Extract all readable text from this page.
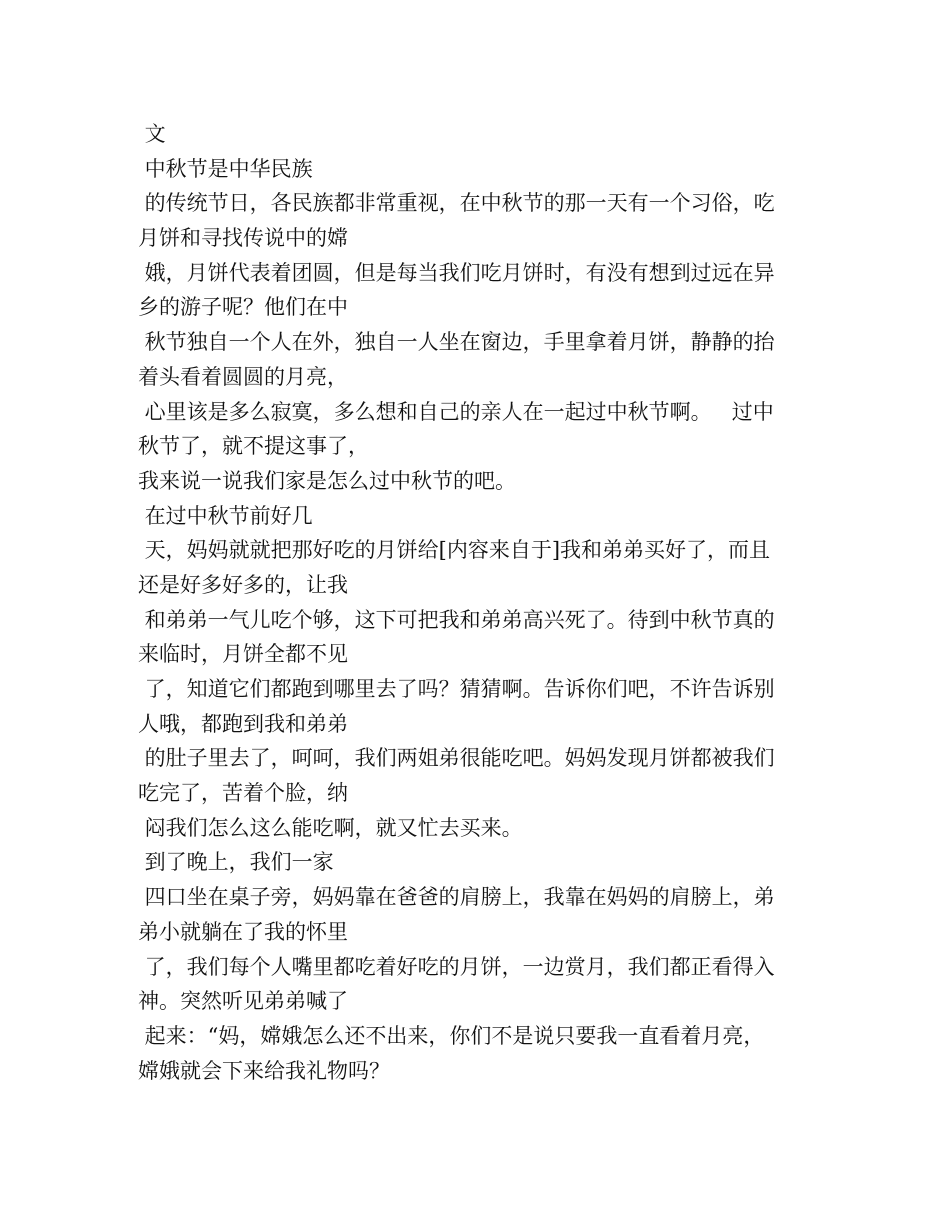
文
中秋节是中华民族
的传统节日，各民族都非常重视，在中秋节的那一天有一个习俗，吃
月饼和寻找传说中的嫦
娥，月饼代表着团圆，但是每当我们吃月饼时，有没有想到过远在异
乡的游子呢？他们在中
秋节独自一个人在外，独自一人坐在窗边，手里拿着月饼，静静的抬
着头看着圆圆的月亮，
心里该是多么寂寞，多么想和自己的亲人在一起过中秋节啊。   过中
秋节了，就不提这事了，
我来说一说我们家是怎么过中秋节的吧。
在过中秋节前好几
天，妈妈就就把那好吃的月饼给[内容来自于]我和弟弟买好了，而且
还是好多好多的，让我
和弟弟一气儿吃个够，这下可把我和弟弟高兴死了。待到中秋节真的
来临时，月饼全都不见
了，知道它们都跑到哪里去了吗？猜猜啊。告诉你们吧，不许告诉别
人哦，都跑到我和弟弟
的肚子里去了，呵呵，我们两姐弟很能吃吧。妈妈发现月饼都被我们
吃完了，苦着个脸，纳
闷我们怎么这么能吃啊，就又忙去买来。
到了晚上，我们一家
四口坐在桌子旁，妈妈靠在爸爸的肩膀上，我靠在妈妈的肩膀上，弟
弟小就躺在了我的怀里
了，我们每个人嘴里都吃着好吃的月饼，一边赏月，我们都正看得入
神。突然听见弟弟喊了
起来：“妈，嫦娥怎么还不出来，你们不是说只要我一直看着月亮，
嫦娥就会下来给我礼物吗？
